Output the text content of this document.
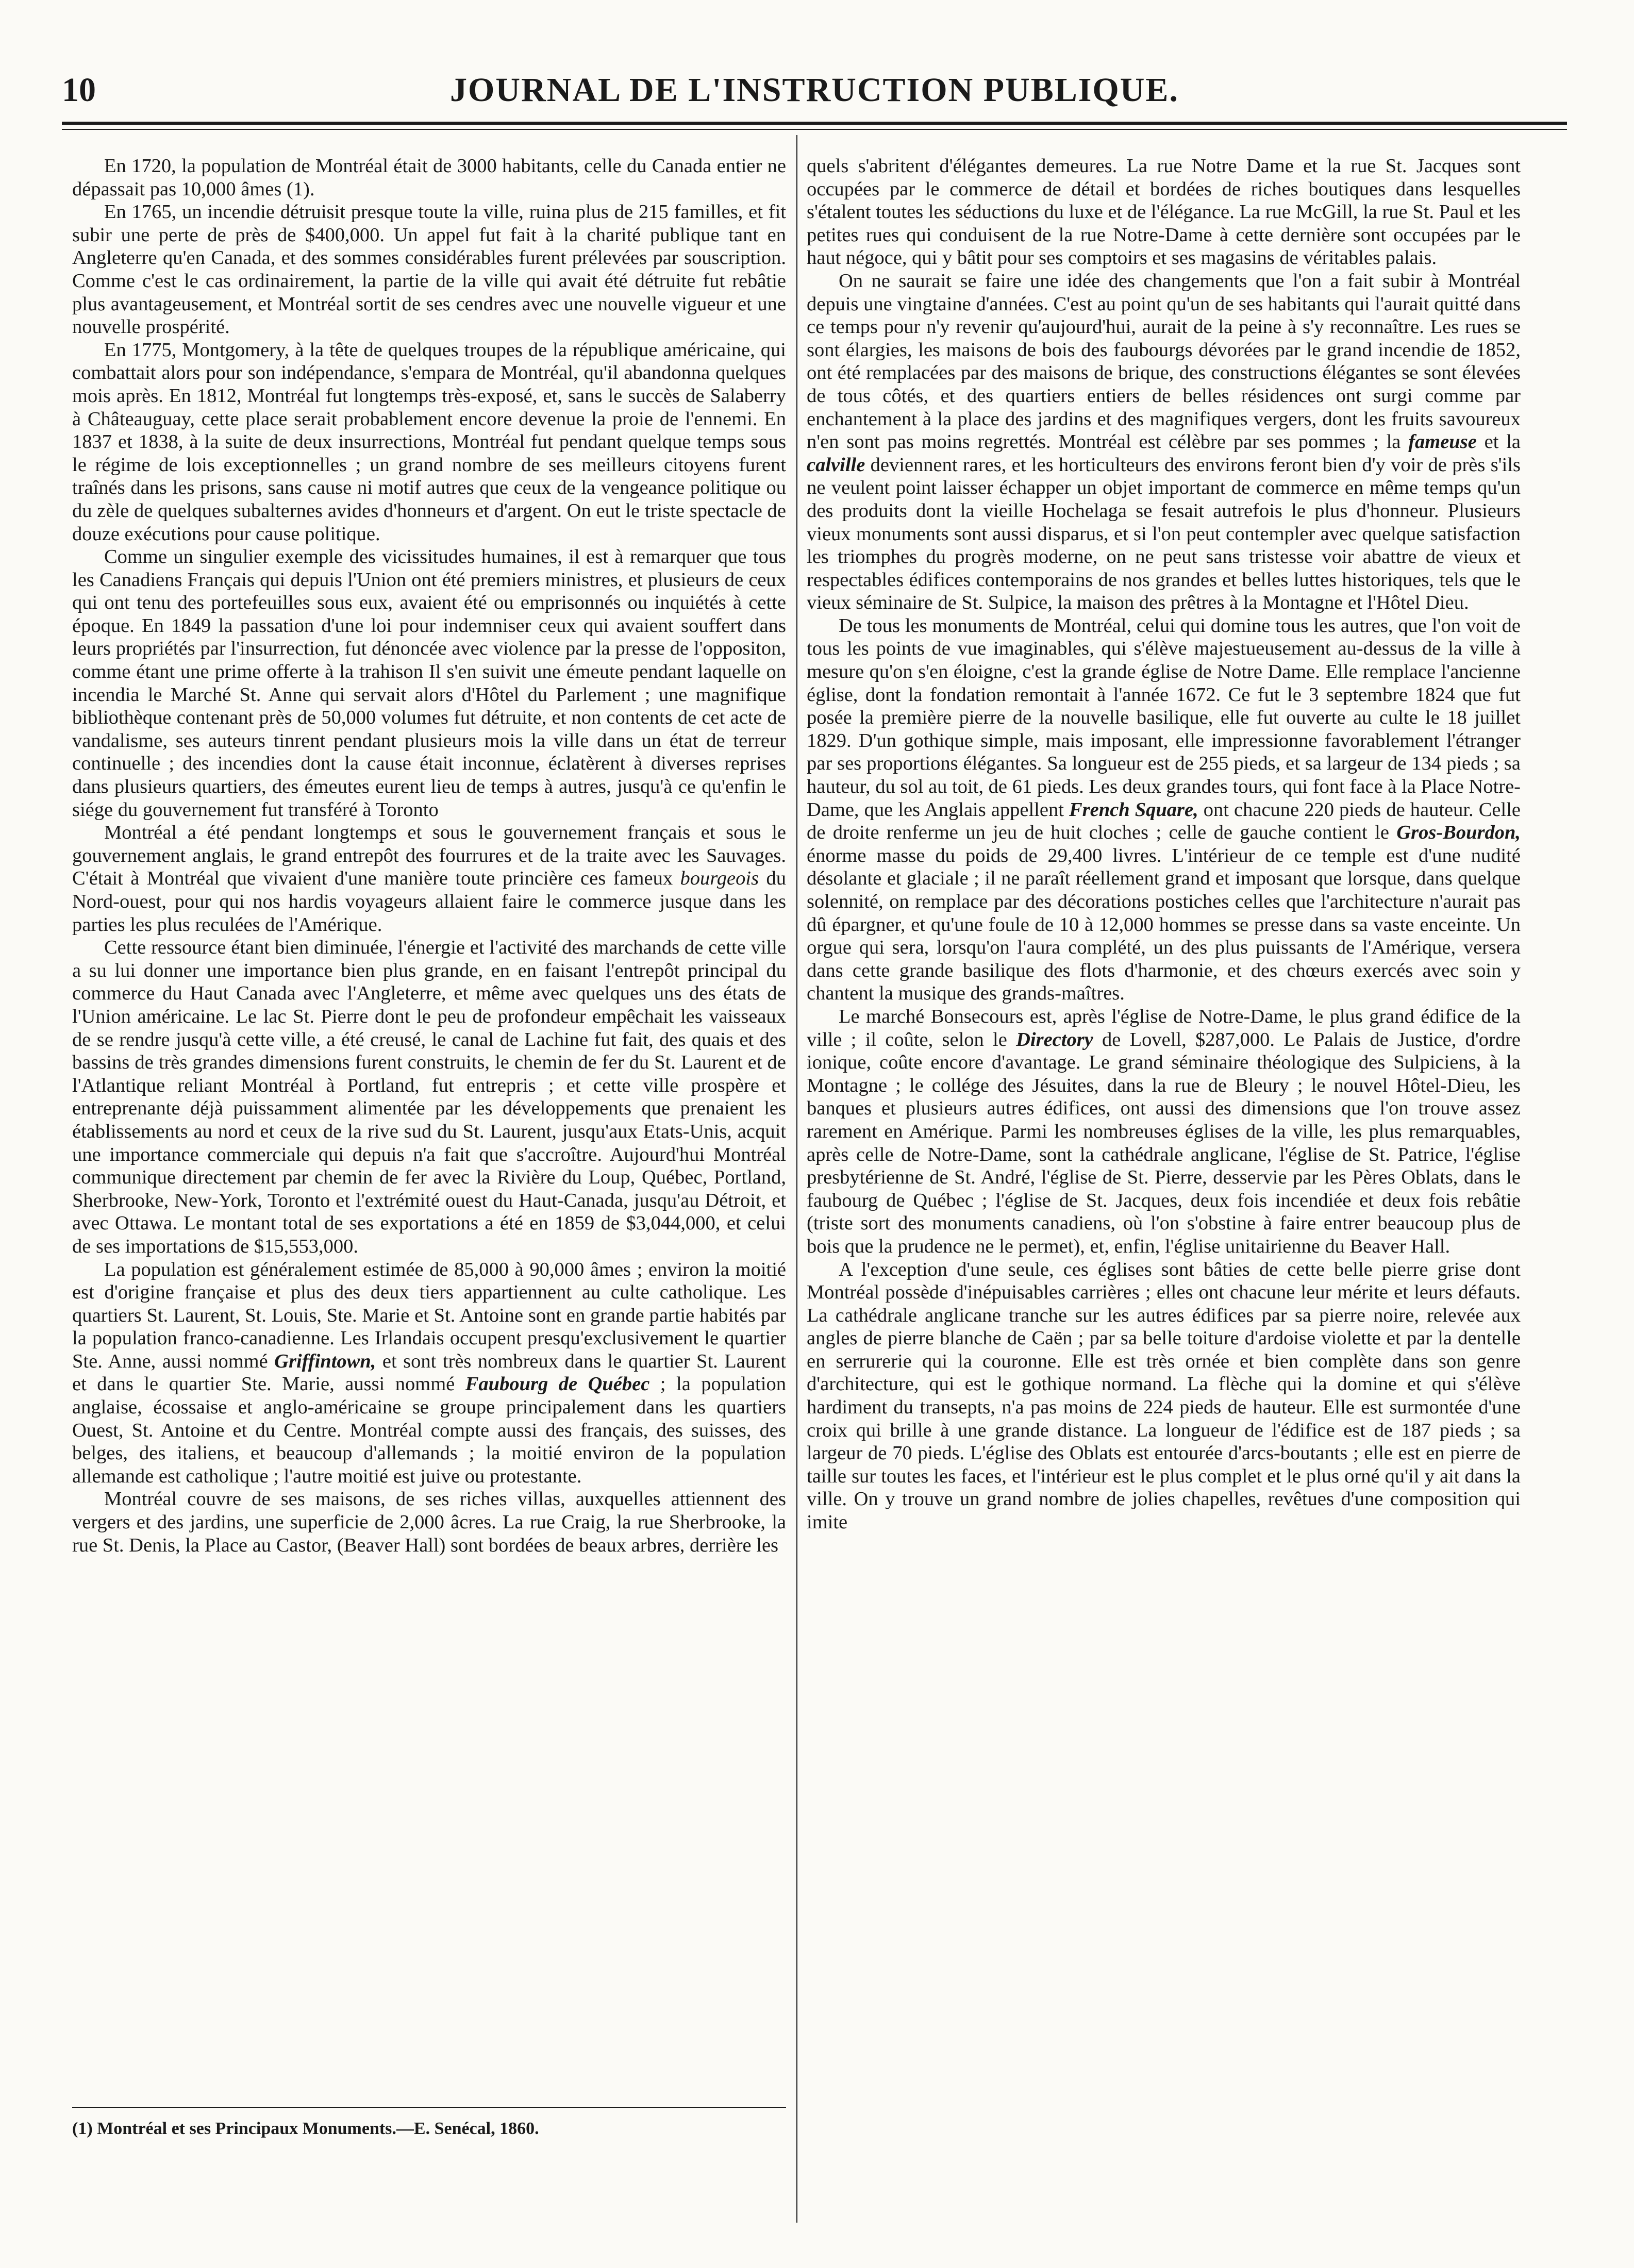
10	JOURNAL DE L'INSTRUCTION PUBLIQUE.

En 1720, la population de Montréal était de 3000 habitants, celle du Canada entier ne dépassait pas 10,000 âmes (1).

En 1765, un incendie détruisit presque toute la ville, ruina plus de 215 familles, et fit subir une perte de près de $400,000. Un appel fut fait à la charité publique tant en Angleterre qu'en Canada, et des sommes considérables furent prélevées par souscription. Comme c'est le cas ordinairement, la partie de la ville qui avait été détruite fut rebâtie plus avantageusement, et Montréal sortit de ses cendres avec une nouvelle vigueur et une nouvelle prospérité.

En 1775, Montgomery, à la tête de quelques troupes de la république américaine, qui combattait alors pour son indépendance, s'empara de Montréal, qu'il abandonna quelques mois après. En 1812, Montréal fut longtemps très-exposé, et, sans le succès de Salaberry à Châteauguay, cette place serait probablement encore devenue la proie de l'ennemi. En 1837 et 1838, à la suite de deux insurrections, Montréal fut pendant quelque temps sous le régime de lois exceptionnelles ; un grand nombre de ses meilleurs citoyens furent traînés dans les prisons, sans cause ni motif autres que ceux de la vengeance politique ou du zèle de quelques subalternes avides d'honneurs et d'argent. On eut le triste spectacle de douze exécutions pour cause politique.

Comme un singulier exemple des vicissitudes humaines, il est à remarquer que tous les Canadiens Français qui depuis l'Union ont été premiers ministres, et plusieurs de ceux qui ont tenu des portefeuilles sous eux, avaient été ou emprisonnés ou inquiétés à cette époque. En 1849 la passation d'une loi pour indemniser ceux qui avaient souffert dans leurs propriétés par l'insurrection, fut dénoncée avec violence par la presse de l'oppositon, comme étant une prime offerte à la trahison Il s'en suivit une émeute pendant laquelle on incendia le Marché St. Anne qui servait alors d'Hôtel du Parlement ; une magnifique bibliothèque contenant près de 50,000 volumes fut détruite, et non contents de cet acte de vandalisme, ses auteurs tinrent pendant plusieurs mois la ville dans un état de terreur continuelle ; des incendies dont la cause était inconnue, éclatèrent à diverses reprises dans plusieurs quartiers, des émeutes eurent lieu de temps à autres, jusqu'à ce qu'enfin le siége du gouvernement fut transféré à Toronto

Montréal a été pendant longtemps et sous le gouvernement français et sous le gouvernement anglais, le grand entrepôt des fourrures et de la traite avec les Sauvages. C'était à Montréal que vivaient d'une manière toute princière ces fameux bourgeois du Nord-ouest, pour qui nos hardis voyageurs allaient faire le commerce jusque dans les parties les plus reculées de l'Amérique.

Cette ressource étant bien diminuée, l'énergie et l'activité des marchands de cette ville a su lui donner une importance bien plus grande, en en faisant l'entrepôt principal du commerce du Haut Canada avec l'Angleterre, et même avec quelques uns des états de l'Union américaine. Le lac St. Pierre dont le peu de profondeur empêchait les vaisseaux de se rendre jusqu'à cette ville, a été creusé, le canal de Lachine fut fait, des quais et des bassins de très grandes dimensions furent construits, le chemin de fer du St. Laurent et de l'Atlantique reliant Montréal à Portland, fut entrepris ; et cette ville prospère et entreprenante déjà puissamment alimentée par les développements que prenaient les établissements au nord et ceux de la rive sud du St. Laurent, jusqu'aux Etats-Unis, acquit une importance commerciale qui depuis n'a fait que s'accroître. Aujourd'hui Montréal communique directement par chemin de fer avec la Rivière du Loup, Québec, Portland, Sherbrooke, New-York, Toronto et l'extrémité ouest du Haut-Canada, jusqu'au Détroit, et avec Ottawa. Le montant total de ses exportations a été en 1859 de $3,044,000, et celui de ses importations de $15,553,000.

La population est généralement estimée de 85,000 à 90,000 âmes ; environ la moitié est d'origine française et plus des deux tiers appartiennent au culte catholique. Les quartiers St. Laurent, St. Louis, Ste. Marie et St. Antoine sont en grande partie habités par la population franco-canadienne. Les Irlandais occupent presqu'exclusivement le quartier Ste. Anne, aussi nommé Griffintown, et sont très nombreux dans le quartier St. Laurent et dans le quartier Ste. Marie, aussi nommé Faubourg de Québec ; la population anglaise, écossaise et anglo-américaine se groupe principalement dans les quartiers Ouest, St. Antoine et du Centre. Montréal compte aussi des français, des suisses, des belges, des italiens, et beaucoup d'allemands ; la moitié environ de la population allemande est catholique ; l'autre moitié est juive ou protestante.

Montréal couvre de ses maisons, de ses riches villas, auxquelles attiennent des vergers et des jardins, une superficie de 2,000 âcres. La rue Craig, la rue Sherbrooke, la rue St. Denis, la Place au Castor, (Beaver Hall) sont bordées de beaux arbres, derrière les

(1) Montréal et ses Principaux Monuments.—E. Senécal, 1860.

quels s'abritent d'élégantes demeures. La rue Notre Dame et la rue St. Jacques sont occupées par le commerce de détail et bordées de riches boutiques dans lesquelles s'étalent toutes les séductions du luxe et de l'élégance. La rue McGill, la rue St. Paul et les petites rues qui conduisent de la rue Notre-Dame à cette dernière sont occupées par le haut négoce, qui y bâtit pour ses comptoirs et ses magasins de véritables palais.

On ne saurait se faire une idée des changements que l'on a fait subir à Montréal depuis une vingtaine d'années. C'est au point qu'un de ses habitants qui l'aurait quitté dans ce temps pour n'y revenir qu'aujourd'hui, aurait de la peine à s'y reconnaître. Les rues se sont élargies, les maisons de bois des faubourgs dévorées par le grand incendie de 1852, ont été remplacées par des maisons de brique, des constructions élégantes se sont élevées de tous côtés, et des quartiers entiers de belles résidences ont surgi comme par enchantement à la place des jardins et des magnifiques vergers, dont les fruits savoureux n'en sont pas moins regrettés. Montréal est célèbre par ses pommes ; la fameuse et la calville deviennent rares, et les horticulteurs des environs feront bien d'y voir de près s'ils ne veulent point laisser échapper un objet important de commerce en même temps qu'un des produits dont la vieille Hochelaga se fesait autrefois le plus d'honneur. Plusieurs vieux monuments sont aussi disparus, et si l'on peut contempler avec quelque satisfaction les triomphes du progrès moderne, on ne peut sans tristesse voir abattre de vieux et respectables édifices contemporains de nos grandes et belles luttes historiques, tels que le vieux séminaire de St. Sulpice, la maison des prêtres à la Montagne et l'Hôtel Dieu.

De tous les monuments de Montréal, celui qui domine tous les autres, que l'on voit de tous les points de vue imaginables, qui s'élève majestueusement au-dessus de la ville à mesure qu'on s'en éloigne, c'est la grande église de Notre Dame. Elle remplace l'ancienne église, dont la fondation remontait à l'année 1672. Ce fut le 3 septembre 1824 que fut posée la première pierre de la nouvelle basilique, elle fut ouverte au culte le 18 juillet 1829. D'un gothique simple, mais imposant, elle impressionne favorablement l'étranger par ses proportions élégantes. Sa longueur est de 255 pieds, et sa largeur de 134 pieds ; sa hauteur, du sol au toit, de 61 pieds. Les deux grandes tours, qui font face à la Place Notre-Dame, que les Anglais appellent French Square, ont chacune 220 pieds de hauteur. Celle de droite renferme un jeu de huit cloches ; celle de gauche contient le Gros-Bourdon, énorme masse du poids de 29,400 livres. L'intérieur de ce temple est d'une nudité désolante et glaciale ; il ne paraît réellement grand et imposant que lorsque, dans quelque solennité, on remplace par des décorations postiches celles que l'architecture n'aurait pas dû épargner, et qu'une foule de 10 à 12,000 hommes se presse dans sa vaste enceinte. Un orgue qui sera, lorsqu'on l'aura complété, un des plus puissants de l'Amérique, versera dans cette grande basilique des flots d'harmonie, et des chœurs exercés avec soin y chantent la musique des grands-maîtres.

Le marché Bonsecours est, après l'église de Notre-Dame, le plus grand édifice de la ville ; il coûte, selon le Directory de Lovell, $287,000. Le Palais de Justice, d'ordre ionique, coûte encore d'avantage. Le grand séminaire théologique des Sulpiciens, à la Montagne ; le collége des Jésuites, dans la rue de Bleury ; le nouvel Hôtel-Dieu, les banques et plusieurs autres édifices, ont aussi des dimensions que l'on trouve assez rarement en Amérique. Parmi les nombreuses églises de la ville, les plus remarquables, après celle de Notre-Dame, sont la cathédrale anglicane, l'église de St. Patrice, l'église presbytérienne de St. André, l'église de St. Pierre, desservie par les Pères Oblats, dans le faubourg de Québec ; l'église de St. Jacques, deux fois incendiée et deux fois rebâtie (triste sort des monuments canadiens, où l'on s'obstine à faire entrer beaucoup plus de bois que la prudence ne le permet), et, enfin, l'église unitairienne du Beaver Hall.

A l'exception d'une seule, ces églises sont bâties de cette belle pierre grise dont Montréal possède d'inépuisables carrières ; elles ont chacune leur mérite et leurs défauts. La cathédrale anglicane tranche sur les autres édifices par sa pierre noire, relevée aux angles de pierre blanche de Caën ; par sa belle toiture d'ardoise violette et par la dentelle en serrurerie qui la couronne. Elle est très ornée et bien complète dans son genre d'architecture, qui est le gothique normand. La flèche qui la domine et qui s'élève hardiment du transepts, n'a pas moins de 224 pieds de hauteur. Elle est surmontée d'une croix qui brille à une grande distance. La longueur de l'édifice est de 187 pieds ; sa largeur de 70 pieds. L'église des Oblats est entourée d'arcs-boutants ; elle est en pierre de taille sur toutes les faces, et l'intérieur est le plus complet et le plus orné qu'il y ait dans la ville. On y trouve un grand nombre de jolies chapelles, revêtues d'une composition qui imite
